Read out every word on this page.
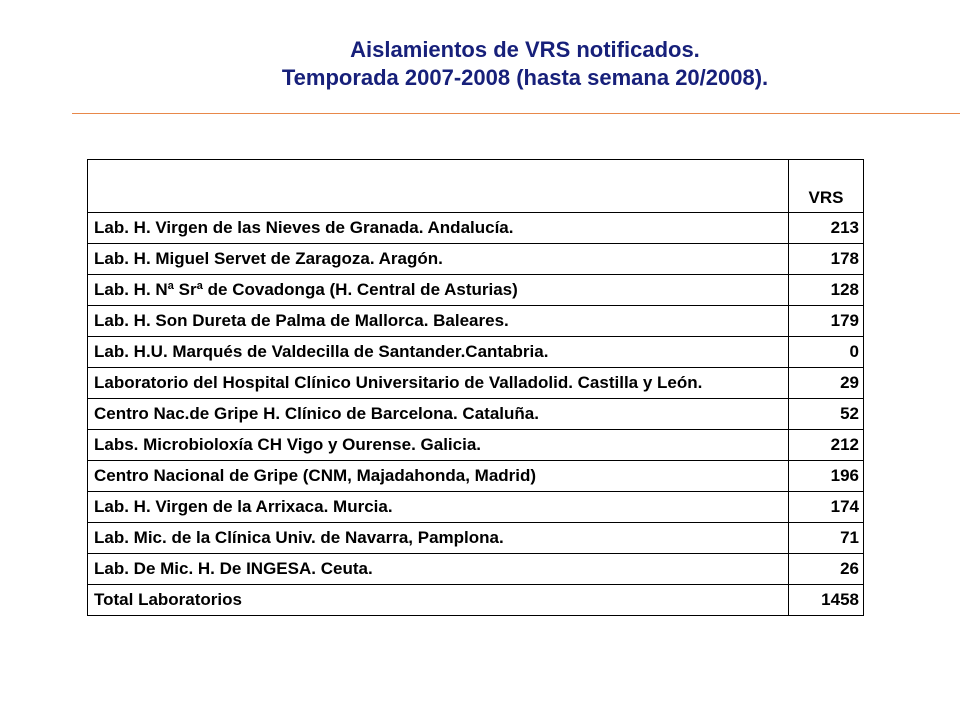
Aislamientos de VRS notificados.
Temporada 2007-2008 (hasta semana 20/2008).
	VRS
Lab. H. Virgen de las Nieves de Granada. Andalucía.	213
Lab. H. Miguel Servet de Zaragoza. Aragón.	178
Lab. H. Nª Srª de Covadonga (H. Central de Asturias)	128
Lab. H. Son Dureta de Palma de Mallorca. Baleares.	179
Lab. H.U. Marqués de Valdecilla de Santander.Cantabria.	0
Laboratorio del Hospital Clínico Universitario de Valladolid. Castilla y León.	29
Centro Nac.de Gripe H. Clínico de Barcelona. Cataluña.	52
Labs. Microbioloxía CH Vigo y Ourense. Galicia.	212
Centro Nacional de Gripe (CNM, Majadahonda, Madrid)	196
Lab. H. Virgen de la Arrixaca. Murcia.	174
Lab. Mic. de la Clínica Univ. de Navarra, Pamplona.	71
Lab. De Mic. H. De INGESA. Ceuta.	26
Total Laboratorios	1458
